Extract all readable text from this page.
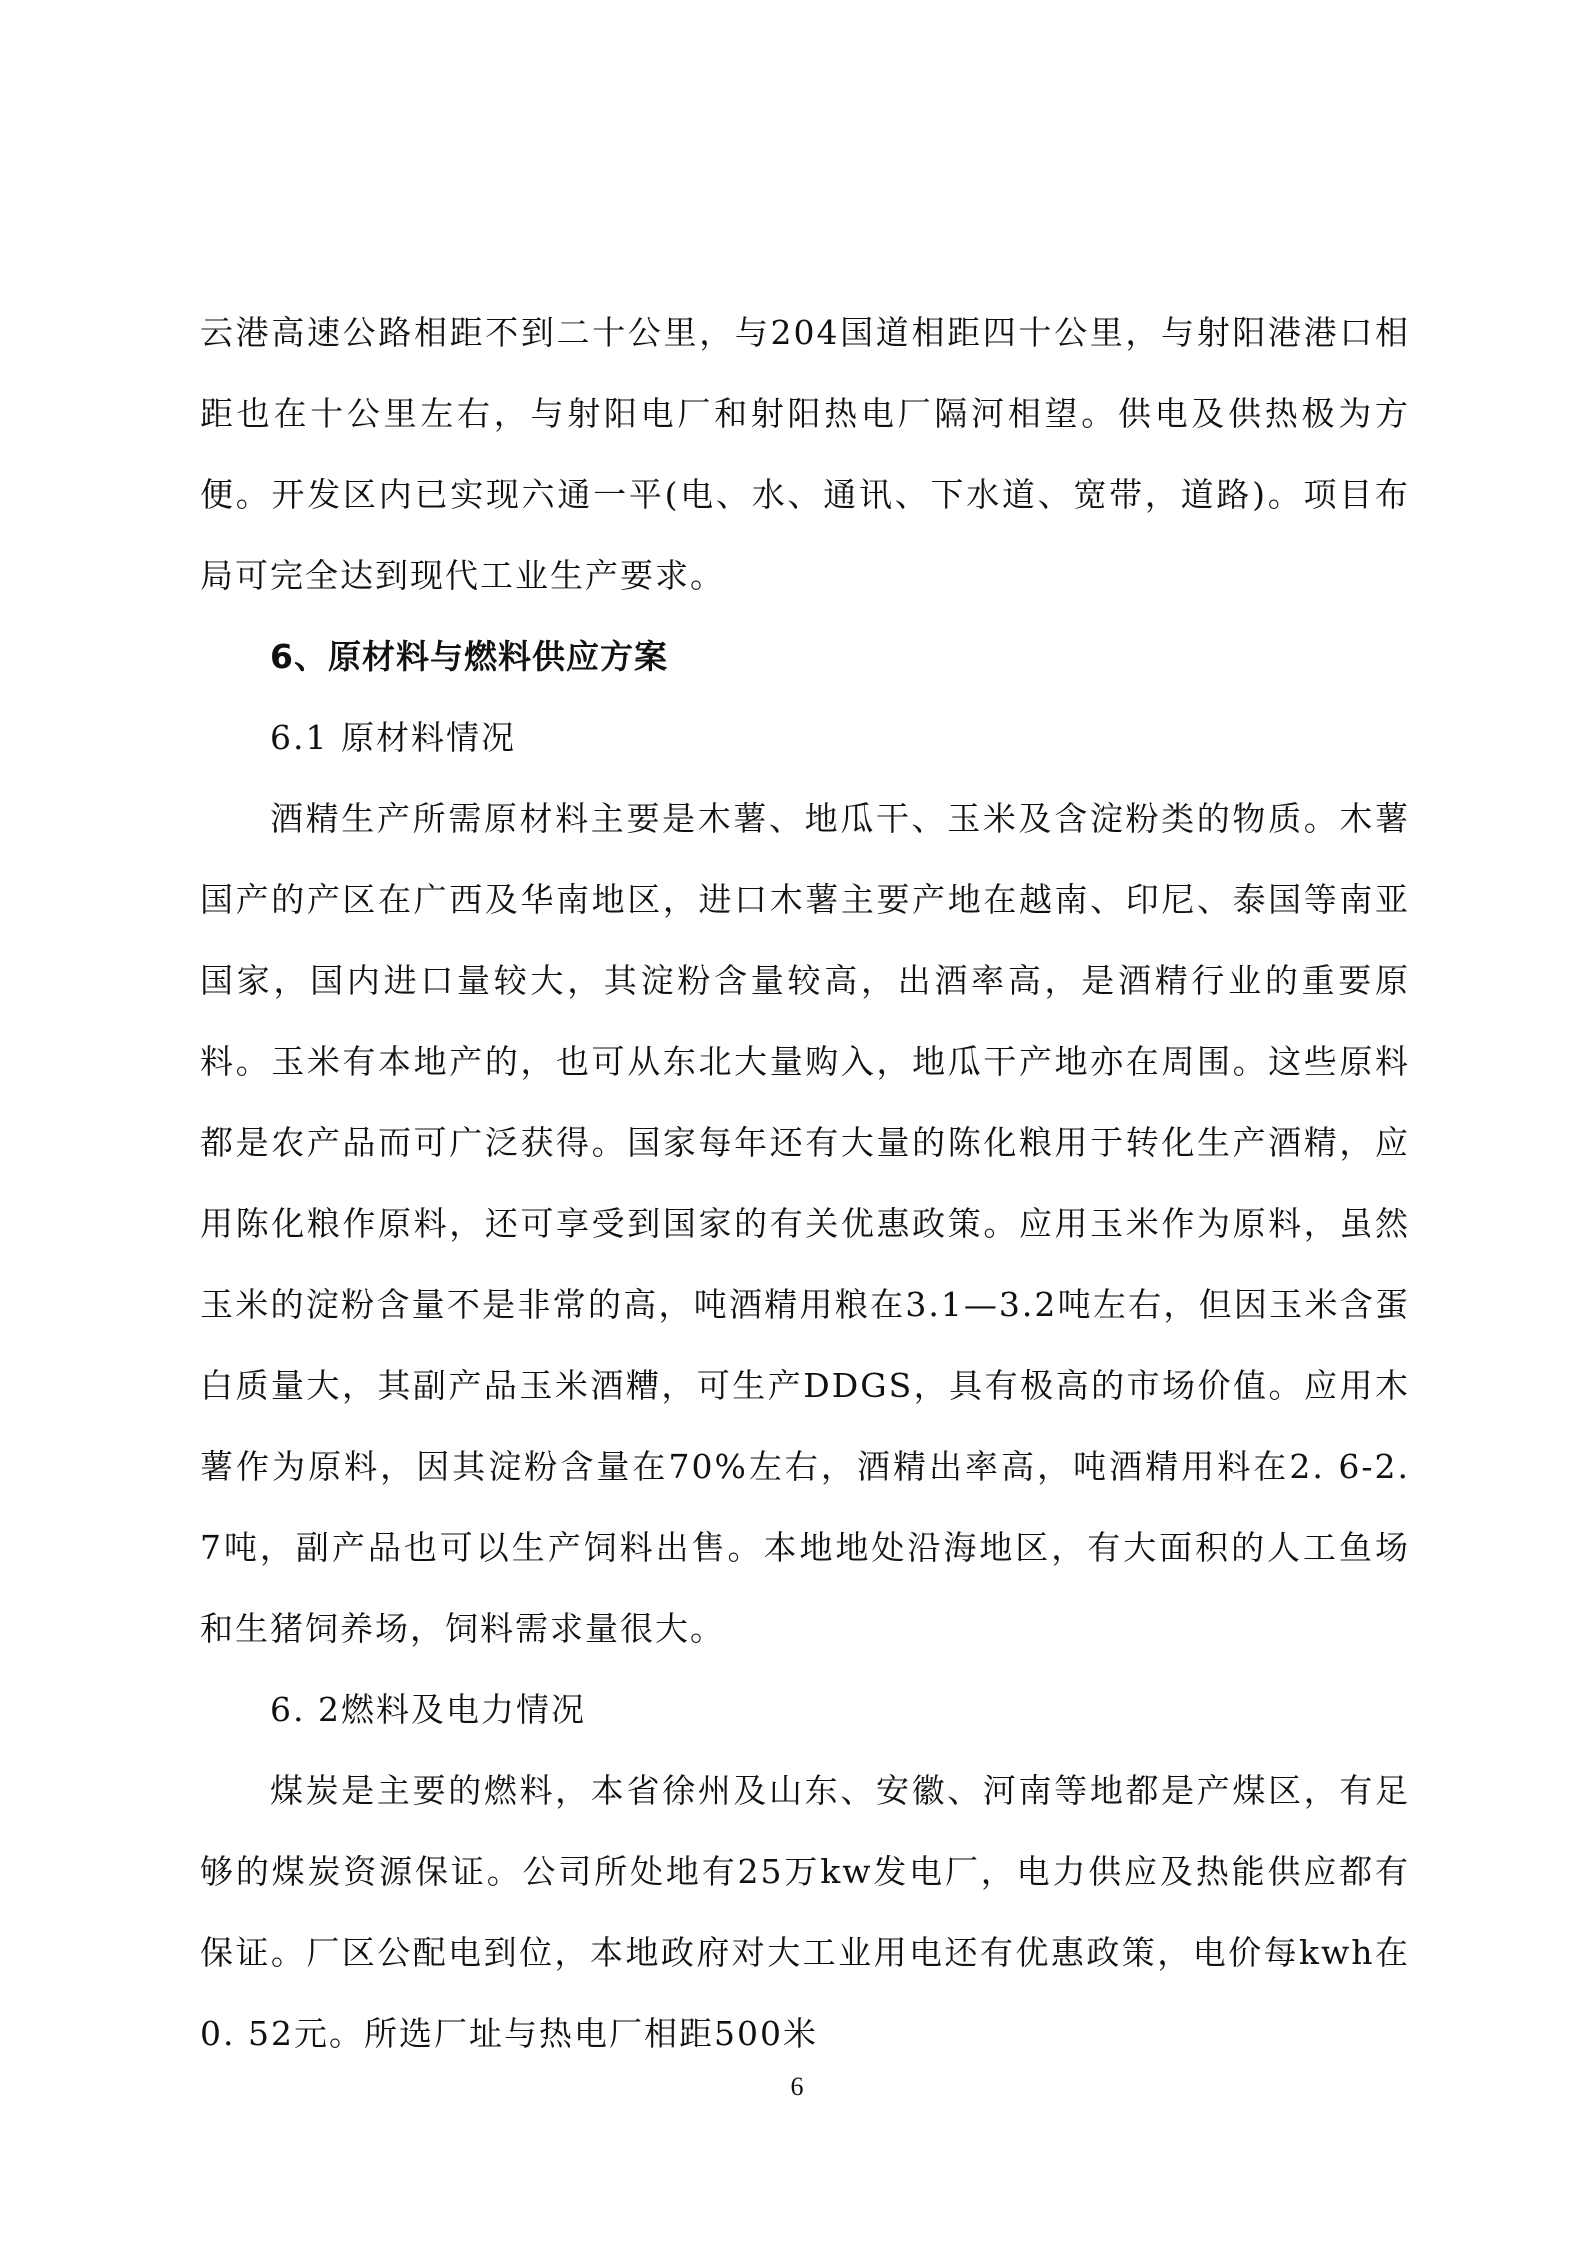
云港高速公路相距不到二十公里，与204国道相距四十公里，与射阳港港口相距也在十公里左右，与射阳电厂和射阳热电厂隔河相望。供电及供热极为方便。开发区内已实现六通一平(电、水、通讯、下水道、宽带，道路)。项目布局可完全达到现代工业生产要求。

6、原材料与燃料供应方案

6.1 原材料情况

酒精生产所需原材料主要是木薯、地瓜干、玉米及含淀粉类的物质。木薯国产的产区在广西及华南地区，进口木薯主要产地在越南、印尼、泰国等南亚国家，国内进口量较大，其淀粉含量较高，出酒率高，是酒精行业的重要原料。玉米有本地产的，也可从东北大量购入，地瓜干产地亦在周围。这些原料都是农产品而可广泛获得。国家每年还有大量的陈化粮用于转化生产酒精，应用陈化粮作原料，还可享受到国家的有关优惠政策。应用玉米作为原料，虽然玉米的淀粉含量不是非常的高，吨酒精用粮在3.1—3.2吨左右，但因玉米含蛋白质量大，其副产品玉米酒糟，可生产DDGS，具有极高的市场价值。应用木薯作为原料，因其淀粉含量在70%左右，酒精出率高，吨酒精用料在2. 6-2. 7吨，副产品也可以生产饲料出售。本地地处沿海地区，有大面积的人工鱼场和生猪饲养场，饲料需求量很大。

6. 2燃料及电力情况

煤炭是主要的燃料，本省徐州及山东、安徽、河南等地都是产煤区，有足够的煤炭资源保证。公司所处地有25万kw发电厂，电力供应及热能供应都有保证。厂区公配电到位，本地政府对大工业用电还有优惠政策，电价每kwh在0. 52元。所选厂址与热电厂相距500米

6
